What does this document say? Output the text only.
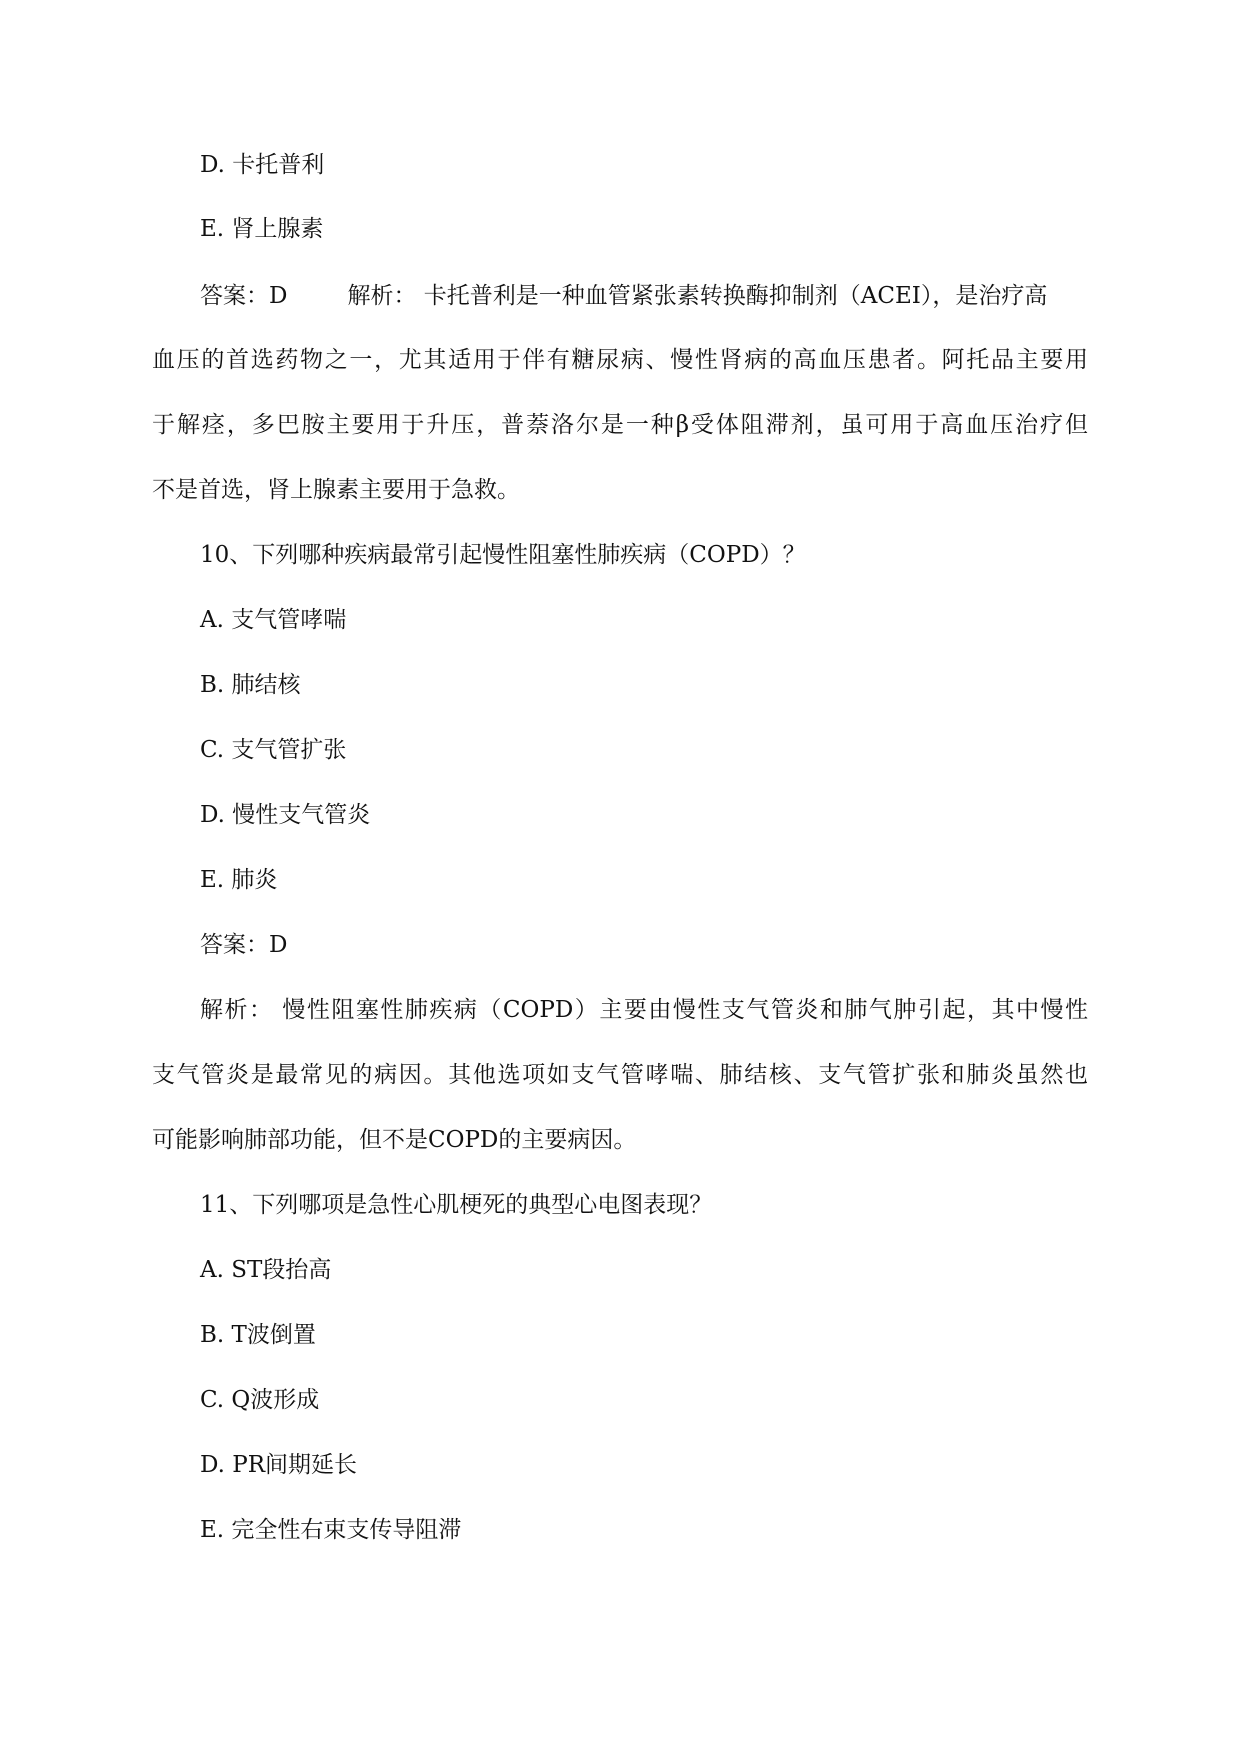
D. 卡托普利
E. 肾上腺素
答案：D	解析： 卡托普利是一种血管紧张素转换酶抑制剂（ACEI），是治疗高
血压的首选药物之一，尤其适用于伴有糖尿病、慢性肾病的高血压患者。阿托品主要用
于解痉，多巴胺主要用于升压，普萘洛尔是一种β受体阻滞剂，虽可用于高血压治疗但
不是首选，肾上腺素主要用于急救。
10、下列哪种疾病最常引起慢性阻塞性肺疾病（COPD）？
A. 支气管哮喘
B. 肺结核
C. 支气管扩张
D. 慢性支气管炎
E. 肺炎
答案：D
解析： 慢性阻塞性肺疾病（COPD）主要由慢性支气管炎和肺气肿引起，其中慢性
支气管炎是最常见的病因。其他选项如支气管哮喘、肺结核、支气管扩张和肺炎虽然也
可能影响肺部功能，但不是COPD的主要病因。
11、下列哪项是急性心肌梗死的典型心电图表现？
A. ST段抬高
B. T波倒置
C. Q波形成
D. PR间期延长
E. 完全性右束支传导阻滞
